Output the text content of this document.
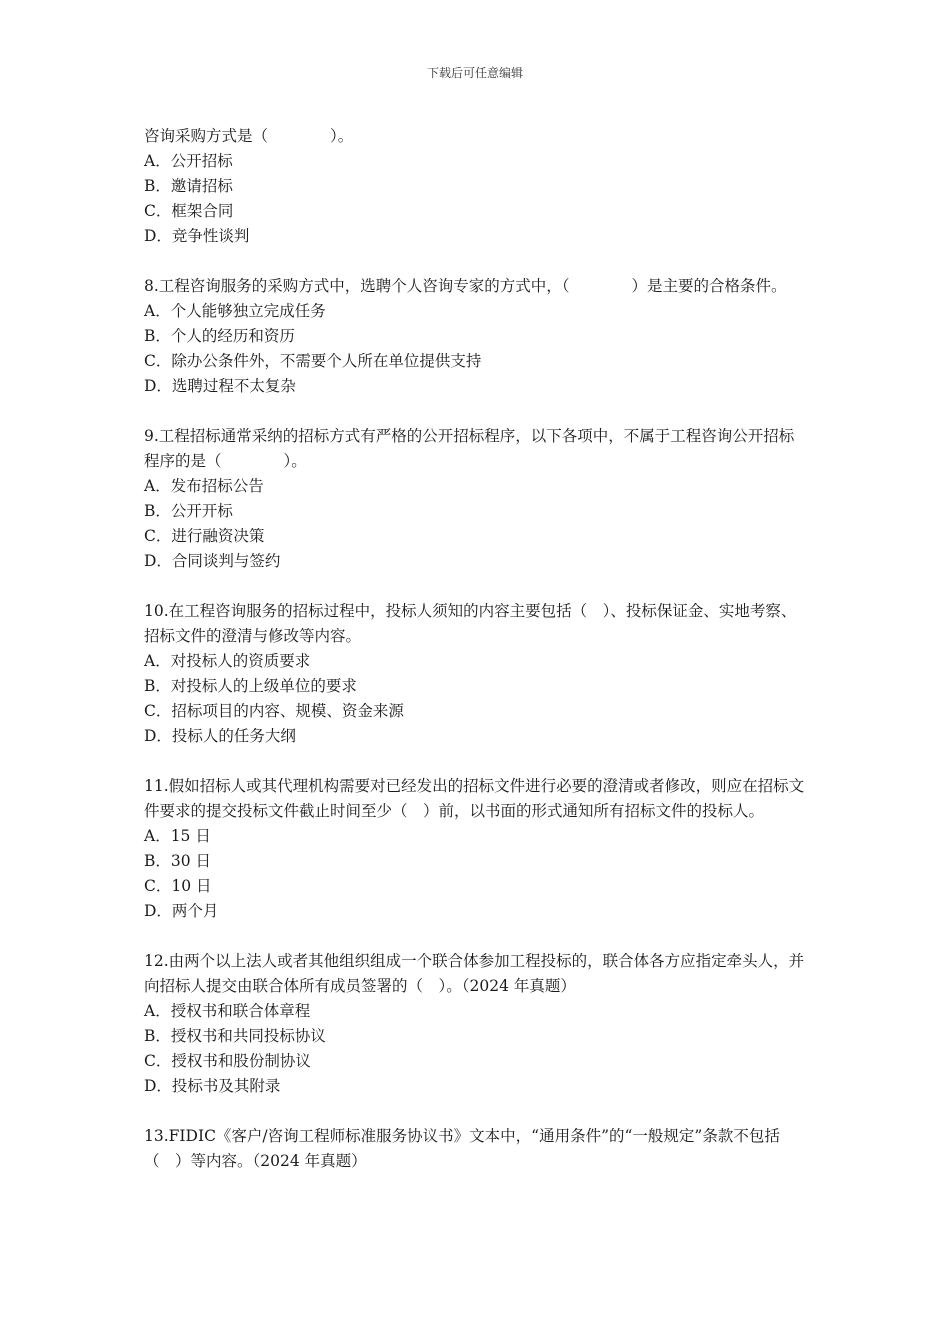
下载后可任意编辑

咨询采购方式是（　　　　）。

A．公开招标

B．邀请招标

C．框架合同

D．竞争性谈判

8.工程咨询服务的采购方式中，选聘个人咨询专家的方式中，（　　　　）是主要的合格条件。

A．个人能够独立完成任务

B．个人的经历和资历

C．除办公条件外，不需要个人所在单位提供支持

D．选聘过程不太复杂

9.工程招标通常采纳的招标方式有严格的公开招标程序，以下各项中，不属于工程咨询公开招标程序的是（　　　　）。

A．发布招标公告

B．公开开标

C．进行融资决策

D．合同谈判与签约

10.在工程咨询服务的招标过程中，投标人须知的内容主要包括（　）、投标保证金、实地考察、招标文件的澄清与修改等内容。

A．对投标人的资质要求

B．对投标人的上级单位的要求

C．招标项目的内容、规模、资金来源

D．投标人的任务大纲

11.假如招标人或其代理机构需要对已经发出的招标文件进行必要的澄清或者修改，则应在招标文件要求的提交投标文件截止时间至少（　）前，以书面的形式通知所有招标文件的投标人。

A．15 日

B．30 日

C．10 日

D．两个月

12.由两个以上法人或者其他组织组成一个联合体参加工程投标的，联合体各方应指定牵头人，并向招标人提交由联合体所有成员签署的（　）。（2024 年真题）

A．授权书和联合体章程

B．授权书和共同投标协议

C．授权书和股份制协议

D．投标书及其附录

13.FIDIC《客户/咨询工程师标准服务协议书》文本中，“通用条件”的“一般规定”条款不包括（　）等内容。（2024 年真题）
